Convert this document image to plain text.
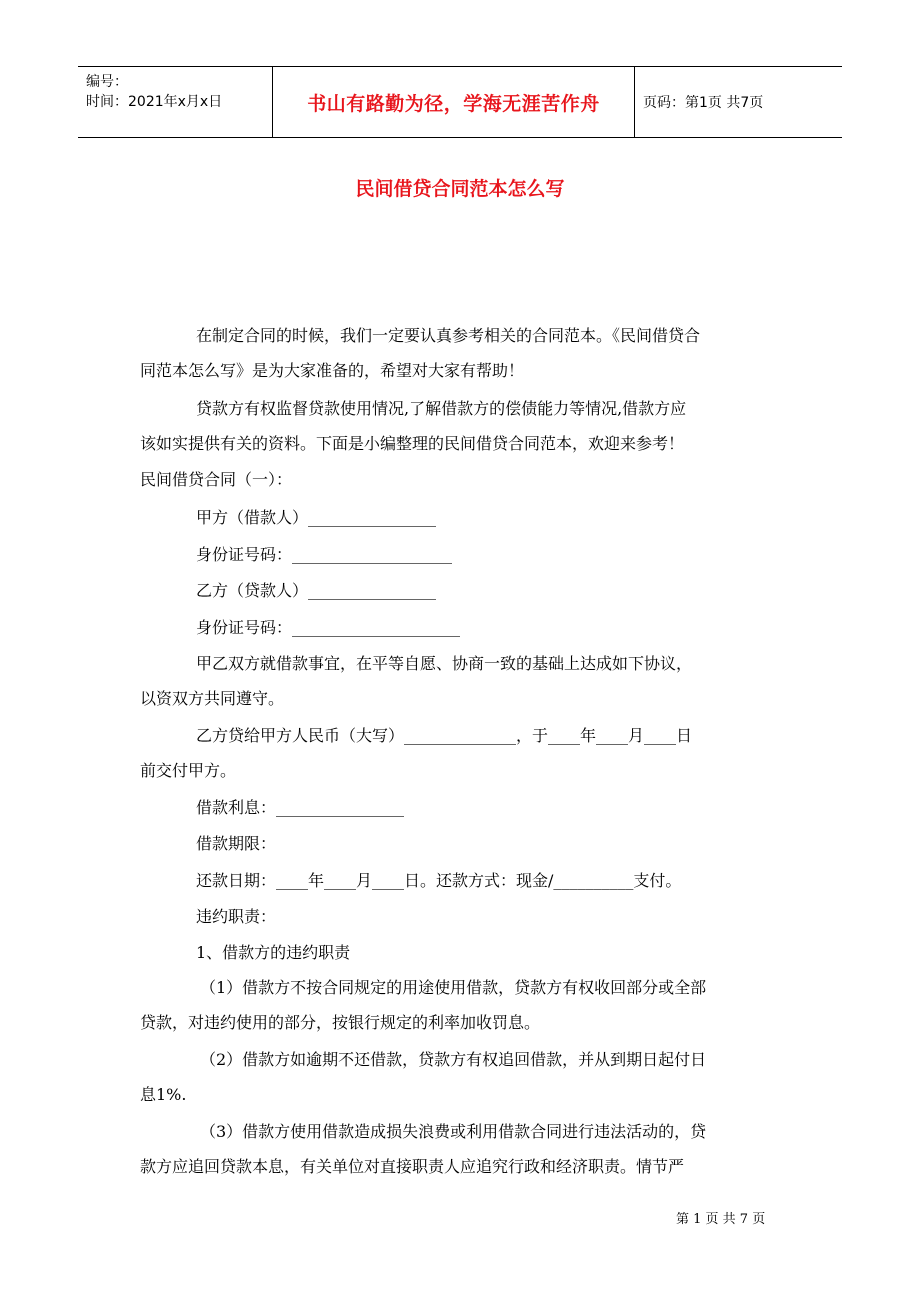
编号：
时间：2021年x月x日	书山有路勤为径，学海无涯苦作舟	页码：第1页 共7页
民间借贷合同范本怎么写
在制定合同的时候，我们一定要认真参考相关的合同范本。《民间借贷合
同范本怎么写》是为大家准备的，希望对大家有帮助！
贷款方有权监督贷款使用情况,了解借款方的偿债能力等情况,借款方应
该如实提供有关的资料。下面是小编整理的民间借贷合同范本，欢迎来参考！
民间借贷合同（一）：
甲方（借款人）________________
身份证号码：____________________
乙方（贷款人）________________
身份证号码：_____________________
甲乙双方就借款事宜，在平等自愿、协商一致的基础上达成如下协议，
以资双方共同遵守。
乙方贷给甲方人民币（大写）______________，于____年____月____日
前交付甲方。
借款利息：________________
借款期限：
还款日期：____年____月____日。还款方式：现金/__________支付。
违约职责：
1、借款方的违约职责
（1）借款方不按合同规定的用途使用借款，贷款方有权收回部分或全部
贷款，对违约使用的部分，按银行规定的利率加收罚息。
（2）借款方如逾期不还借款，贷款方有权追回借款，并从到期日起付日
息1%.
（3）借款方使用借款造成损失浪费或利用借款合同进行违法活动的，贷
款方应追回贷款本息，有关单位对直接职责人应追究行政和经济职责。情节严
第 1 页 共 7 页
